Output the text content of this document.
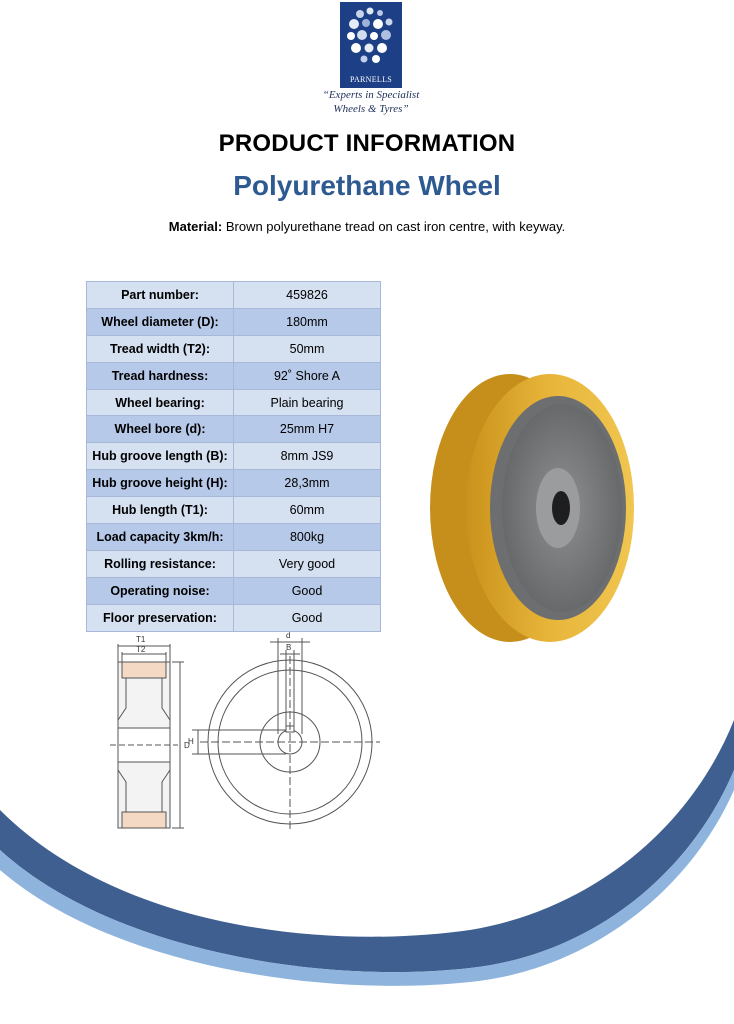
PARNELLS
“Experts in Specialist
Wheels & Tyres”
PRODUCT INFORMATION
Polyurethane Wheel
Material: Brown polyurethane tread on cast iron centre, with keyway.
Part number:	459826
Wheel diameter (D):	180mm
Tread width (T2):	50mm
Tread hardness:	92˚ Shore A
Wheel bearing:	Plain bearing
Wheel bore (d):	25mm H7
Hub groove length (B):	8mm JS9
Hub groove height (H):	28,3mm
Hub length (T1):	60mm
Load capacity 3km/h:	800kg
Rolling resistance:	Very good
Operating noise:	Good
Floor preservation:	Good
T1
T2
D
H
d
B
